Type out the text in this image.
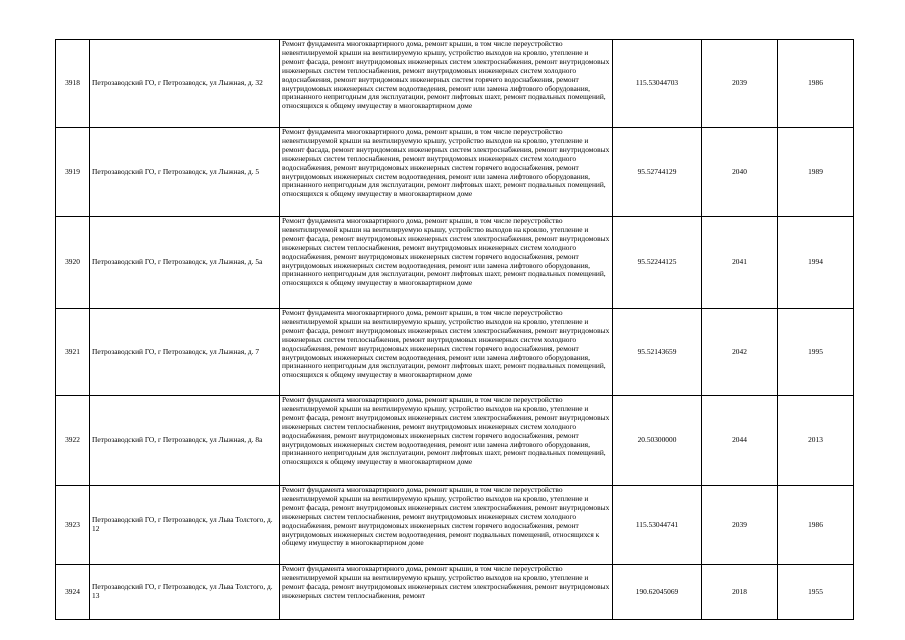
3918	Петрозаводский ГО, г Петрозаводск, ул Лыжная, д. 32	Ремонт фундамента многоквартирного дома, ремонт крыши, в том числе переустройство невентилируемой крыши на вентилируемую крышу, устройство выходов на кровлю, утепление и ремонт фасада, ремонт внутридомовых инженерных систем электроснабжения, ремонт внутридомовых инженерных систем теплоснабжения, ремонт внутридомовых инженерных систем холодного водоснабжения, ремонт внутридомовых инженерных систем горячего водоснабжения, ремонт внутридомовых инженерных систем водоотведения, ремонт или замена лифтового оборудования, признанного непригодным для эксплуатации, ремонт лифтовых шахт, ремонт подвальных помещений, относящихся к общему имуществу в многоквартирном доме	115.53044703	2039	1986
3919	Петрозаводский ГО, г Петрозаводск, ул Лыжная, д. 5	Ремонт фундамента многоквартирного дома, ремонт крыши, в том числе переустройство невентилируемой крыши на вентилируемую крышу, устройство выходов на кровлю, утепление и ремонт фасада, ремонт внутридомовых инженерных систем электроснабжения, ремонт внутридомовых инженерных систем теплоснабжения, ремонт внутридомовых инженерных систем холодного водоснабжения, ремонт внутридомовых инженерных систем горячего водоснабжения, ремонт внутридомовых инженерных систем водоотведения, ремонт или замена лифтового оборудования, признанного непригодным для эксплуатации, ремонт лифтовых шахт, ремонт подвальных помещений, относящихся к общему имуществу в многоквартирном доме	95.52744129	2040	1989
3920	Петрозаводский ГО, г Петрозаводск, ул Лыжная, д. 5а	Ремонт фундамента многоквартирного дома, ремонт крыши, в том числе переустройство невентилируемой крыши на вентилируемую крышу, устройство выходов на кровлю, утепление и ремонт фасада, ремонт внутридомовых инженерных систем электроснабжения, ремонт внутридомовых инженерных систем теплоснабжения, ремонт внутридомовых инженерных систем холодного водоснабжения, ремонт внутридомовых инженерных систем горячего водоснабжения, ремонт внутридомовых инженерных систем водоотведения, ремонт или замена лифтового оборудования, признанного непригодным для эксплуатации, ремонт лифтовых шахт, ремонт подвальных помещений, относящихся к общему имуществу в многоквартирном доме	95.52244125	2041	1994
3921	Петрозаводский ГО, г Петрозаводск, ул Лыжная, д. 7	Ремонт фундамента многоквартирного дома, ремонт крыши, в том числе переустройство невентилируемой крыши на вентилируемую крышу, устройство выходов на кровлю, утепление и ремонт фасада, ремонт внутридомовых инженерных систем электроснабжения, ремонт внутридомовых инженерных систем теплоснабжения, ремонт внутридомовых инженерных систем холодного водоснабжения, ремонт внутридомовых инженерных систем горячего водоснабжения, ремонт внутридомовых инженерных систем водоотведения, ремонт или замена лифтового оборудования, признанного непригодным для эксплуатации, ремонт лифтовых шахт, ремонт подвальных помещений, относящихся к общему имуществу в многоквартирном доме	95.52143659	2042	1995
3922	Петрозаводский ГО, г Петрозаводск, ул Лыжная, д. 8а	Ремонт фундамента многоквартирного дома, ремонт крыши, в том числе переустройство невентилируемой крыши на вентилируемую крышу, устройство выходов на кровлю, утепление и ремонт фасада, ремонт внутридомовых инженерных систем электроснабжения, ремонт внутридомовых инженерных систем теплоснабжения, ремонт внутридомовых инженерных систем холодного водоснабжения, ремонт внутридомовых инженерных систем горячего водоснабжения, ремонт внутридомовых инженерных систем водоотведения, ремонт или замена лифтового оборудования, признанного непригодным для эксплуатации, ремонт лифтовых шахт, ремонт подвальных помещений, относящихся к общему имуществу в многоквартирном доме	20.50300000	2044	2013
3923	Петрозаводский ГО, г Петрозаводск, ул Льва Толстого, д. 12	Ремонт фундамента многоквартирного дома, ремонт крыши, в том числе переустройство невентилируемой крыши на вентилируемую крышу, устройство выходов на кровлю, утепление и ремонт фасада, ремонт внутридомовых инженерных систем электроснабжения, ремонт внутридомовых инженерных систем теплоснабжения, ремонт внутридомовых инженерных систем холодного водоснабжения, ремонт внутридомовых инженерных систем горячего водоснабжения, ремонт внутридомовых инженерных систем водоотведения, ремонт подвальных помещений, относящихся к общему имуществу в многоквартирном доме	115.53044741	2039	1986
3924	Петрозаводский ГО, г Петрозаводск, ул Льва Толстого, д. 13	Ремонт фундамента многоквартирного дома, ремонт крыши, в том числе переустройство невентилируемой крыши на вентилируемую крышу, устройство выходов на кровлю, утепление и ремонт фасада, ремонт внутридомовых инженерных систем электроснабжения, ремонт внутридомовых инженерных систем теплоснабжения, ремонт	190.62045069	2018	1955
